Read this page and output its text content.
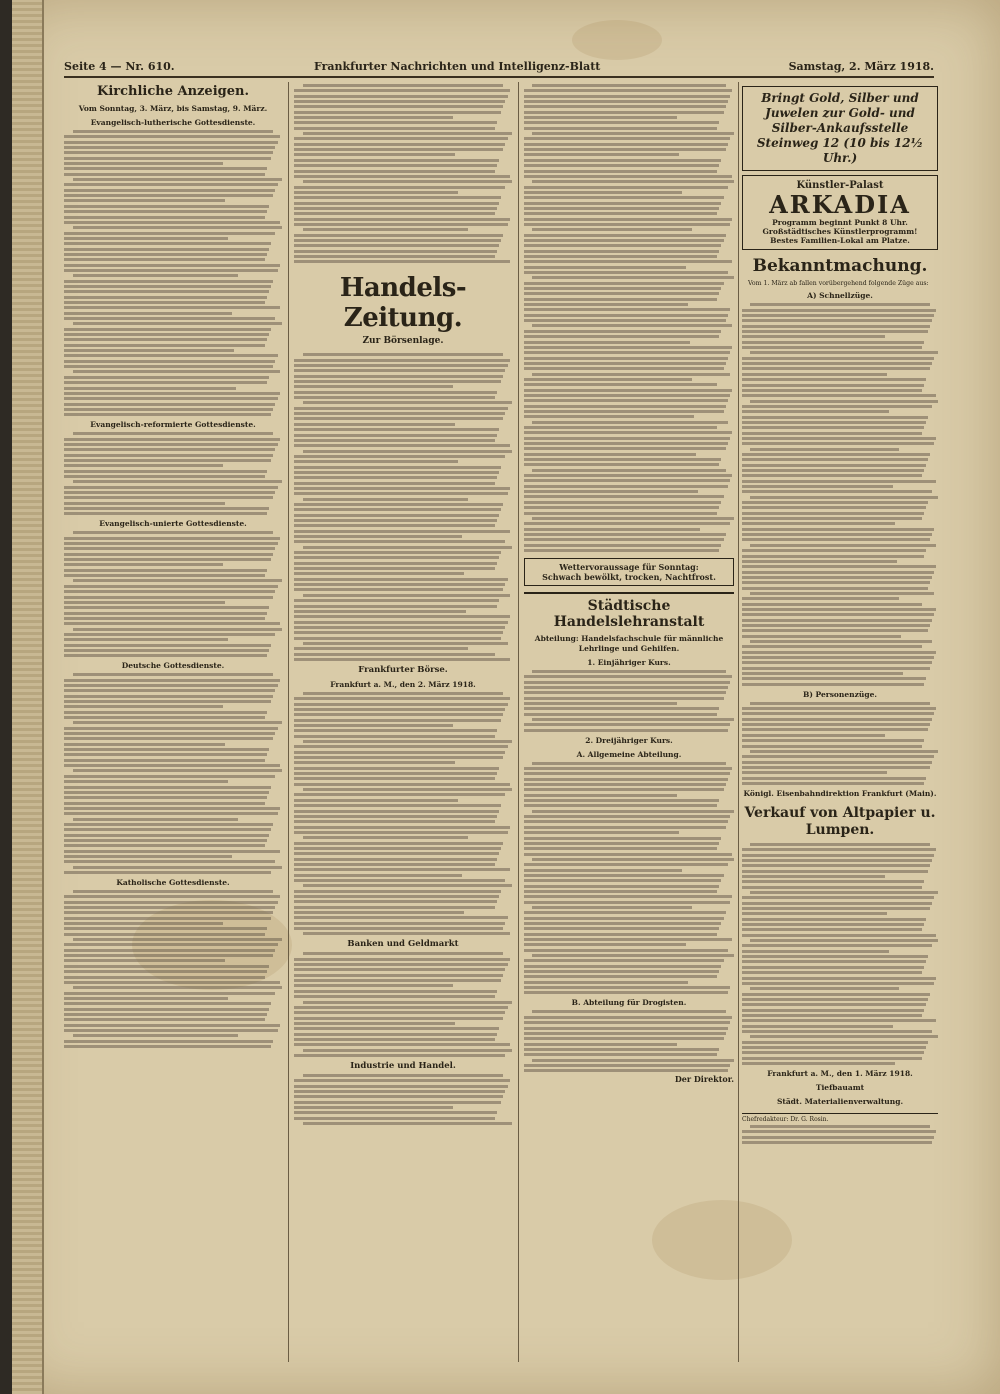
Seite 4 — Nr. 610.	Frankfurter Nachrichten und Intelligenz-Blatt	Samstag, 2. März 1918.
Kirchliche Anzeigen.
Vom Sonntag, 3. März, bis Samstag, 9. März.
Evangelisch-lutherische Gottesdienste.
Evangelisch-reformierte Gottesdienste.
Evangelisch-unierte Gottesdienste.
Deutsche Gottesdienste.
Katholische Gottesdienste.
Handels-Zeitung.
Zur Börsenlage.
Frankfurter Börse.
Frankfurt a. M., den 2. März 1918.
Banken und Geldmarkt
Industrie und Handel.
Wettervoraussage für Sonntag:
Schwach bewölkt, trocken, Nachtfrost.
Städtische Handelslehranstalt
Abteilung: Handelsfachschule für männliche Lehrlinge und Gehilfen.
1. Einjähriger Kurs.
2. Dreijähriger Kurs.
A. Allgemeine Abteilung.
B. Abteilung für Drogisten.
Der Direktor.
Bringt Gold, Silber und Juwelen zur Gold- und Silber-Ankaufsstelle Steinweg 12 (10 bis 12½ Uhr.)
Künstler-Palast
ARKADIA
Programm beginnt Punkt 8 Uhr.
Großstädtisches Künstlerprogramm!
Bestes Familien-Lokal am Platze.
Bekanntmachung.
Vom 1. März ab fallen vorübergehend folgende Züge aus:
A) Schnellzüge.
B) Personenzüge.
Königl. Eisenbahndirektion Frankfurt (Main).
Verkauf von Altpapier u. Lumpen.
Frankfurt a. M., den 1. März 1918.
Tiefbauamt
Städt. Materialienverwaltung.
Chefredakteur: Dr. G. Rosin.
